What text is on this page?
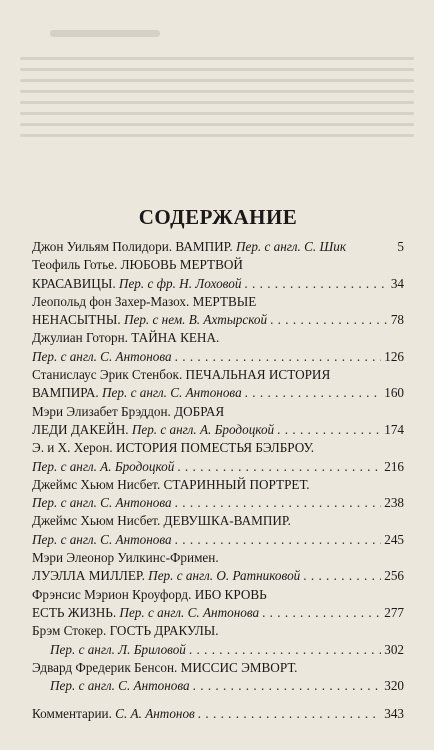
СОДЕРЖАНИЕ
Джон Уильям Полидори. ВАМПИР. Пер. с англ. С. Шик	5
Теофиль Готье. ЛЮБОВЬ МЕРТВОЙ
КРАСАВИЦЫ. Пер. с фр. Н. Лоховой . . .	34
Леопольд фон Захер-Мазох. МЕРТВЫЕ
НЕНАСЫТНЫ. Пер. с нем. В. Ахтырской . . .	78
Джулиан Готорн. ТАЙНА КЕНА.
Пер. с англ. С. Антонова . . .	126
Станислаус Эрик Стенбок. ПЕЧАЛЬНАЯ ИСТОРИЯ
ВАМПИРА. Пер. с англ. С. Антонова . . .	160
Мэри Элизабет Брэддон. ДОБРАЯ
ЛЕДИ ДАКЕЙН. Пер. с англ. А. Бродоцкой . . .	174
Э. и Х. Херон. ИСТОРИЯ ПОМЕСТЬЯ БЭЛБРОУ.
Пер. с англ. А. Бродоцкой . . .	216
Джеймс Хьюм Нисбет. СТАРИННЫЙ ПОРТРЕТ.
Пер. с англ. С. Антонова . . .	238
Джеймс Хьюм Нисбет. ДЕВУШКА-ВАМПИР.
Пер. с англ. С. Антонова . . .	245
Мэри Элеонор Уилкинс-Фримен.
ЛУЭЛЛА МИЛЛЕР. Пер. с англ. О. Ратниковой . . .	256
Фрэнсис Мэрион Кроуфорд. ИБО КРОВЬ
ЕСТЬ ЖИЗНЬ. Пер. с англ. С. Антонова . . .	277
Брэм Стокер. ГОСТЬ ДРАКУЛЫ.
Пер. с англ. Л. Бриловой . . .	302
Эдвард Фредерик Бенсон. МИССИС ЭМВОРТ.
Пер. с англ. С. Антонова . . .	320
Комментарии. С. А. Антонов . . .	343
